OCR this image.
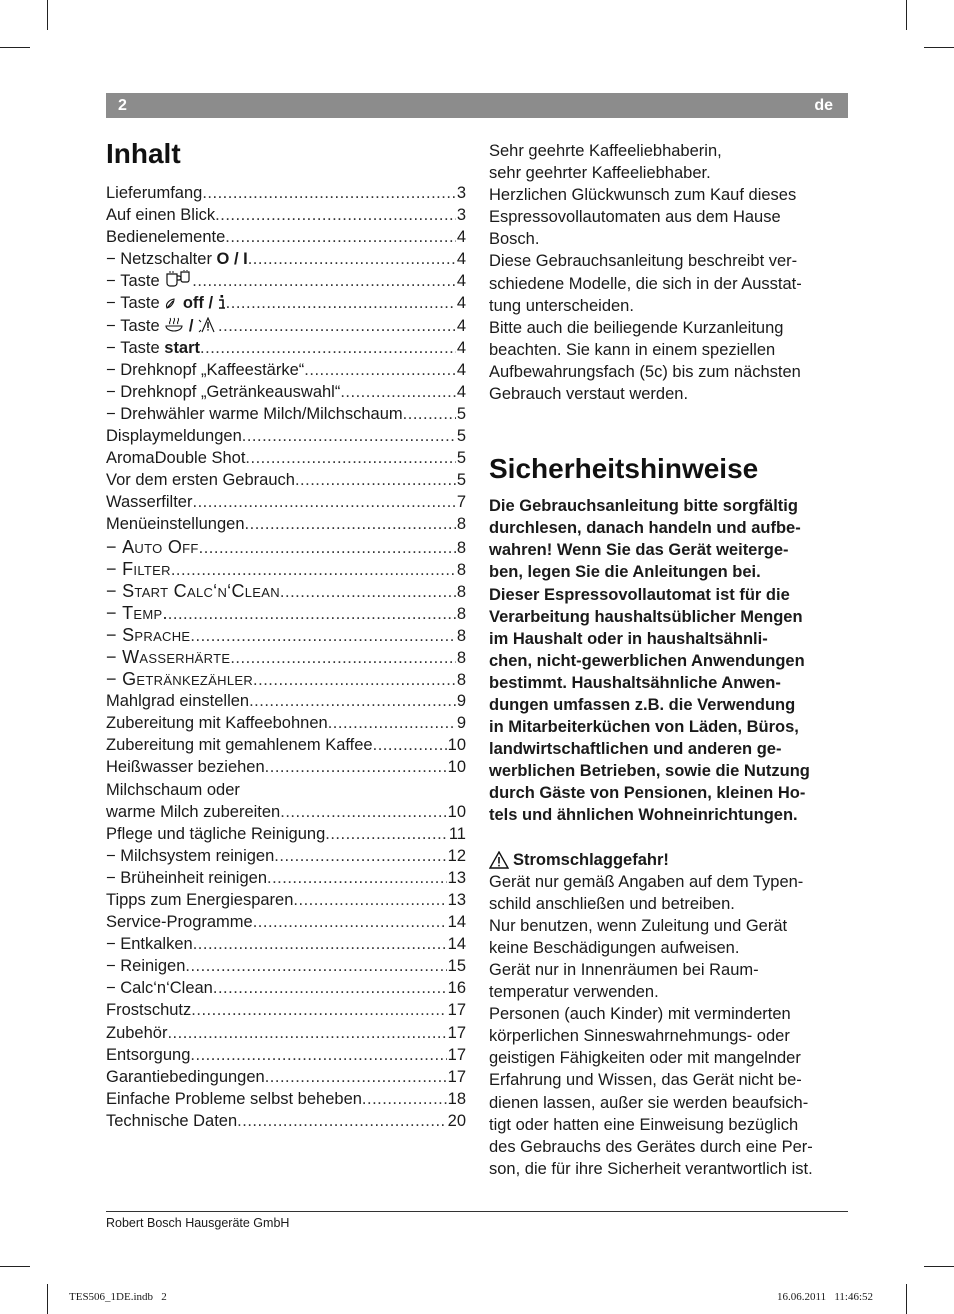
2	de
Inhalt
Lieferumfang .....	3
Auf einen Blick .....	3
Bedienelemente .....	4
− Netzschalter O / I .....	4
− Taste .....	4
− Taste  off / .....	4
− Taste  / .....	4
− Taste start .....	4
− Drehknopf „Kaffeestärke“ .....	4
− Drehknopf „Getränkeauswahl“ .....	4
− Drehwähler warme Milch/Milchschaum .....	5
Displaymeldungen .....	5
AromaDouble Shot .....	5
Vor dem ersten Gebrauch .....	5
Wasserfilter .....	7
Menüeinstellungen .....	8
− Auto Off .....	8
− Filter .....	8
− Start Calc‘n‘Clean .....	8
− Temp. .....	8
− Sprache .....	8
− Wasserhärte .....	8
− Getränkezähler .....	8
Mahlgrad einstellen .....	9
Zubereitung mit Kaffeebohnen .....	9
Zubereitung mit gemahlenem Kaffee .....	10
Heißwasser beziehen .....	10
Milchschaum oder
warme Milch zubereiten .....	10
Pflege und tägliche Reinigung .....	11
− Milchsystem reinigen .....	12
− Brüheinheit reinigen .....	13
Tipps zum Energiesparen .....	13
Service-Programme .....	14
− Entkalken .....	14
− Reinigen .....	15
− Calc‘n‘Clean .....	16
Frostschutz .....	17
Zubehör .....	17
Entsorgung .....	17
Garantiebedingungen .....	17
Einfache Probleme selbst beheben .....	18
Technische Daten .....	20
Sehr geehrte Kaffeeliebhaberin,
sehr geehrter Kaffeeliebhaber.
Herzlichen Glückwunsch zum Kauf dieses
Espressovollautomaten aus dem Hause
Bosch.
Diese Gebrauchsanleitung beschreibt ver-
schiedene Modelle, die sich in der Ausstat-
tung unterscheiden.
Bitte auch die beiliegende Kurzanleitung
beachten. Sie kann in einem speziellen
Aufbewahrungsfach (5c) bis zum nächsten
Gebrauch verstaut werden.
Sicherheitshinweise
Die Gebrauchsanleitung bitte sorgfältig
durchlesen, danach handeln und aufbe-
wahren! Wenn Sie das Gerät weiterge-
ben, legen Sie die Anleitungen bei.
Dieser Espressovollautomat ist für die
Verarbeitung haushaltsüblicher Mengen
im Haushalt oder in haushaltsähnli-
chen, nicht-gewerblichen Anwendungen
bestimmt. Haushaltsähnliche Anwen-
dungen umfassen z.B. die Verwendung
in Mitarbeiterküchen von Läden, Büros,
landwirtschaftlichen und anderen ge-
werblichen Betrieben, sowie die Nutzung
durch Gäste von Pensionen, kleinen Ho-
tels und ähnlichen Wohneinrichtungen.
Stromschlaggefahr!
Gerät nur gemäß Angaben auf dem Typen-
schild anschließen und betreiben.
Nur benutzen, wenn Zuleitung und Gerät
keine Beschädigungen aufweisen.
Gerät nur in Innenräumen bei Raum-
temperatur verwenden.
Personen (auch Kinder) mit verminderten
körperlichen Sinneswahrnehmungs- oder
geistigen Fähigkeiten oder mit mangelnder
Erfahrung und Wissen, das Gerät nicht be-
dienen lassen, außer sie werden beaufsich-
tigt oder hatten eine Einweisung bezüglich
des Gebrauchs des Gerätes durch eine Per-
son, die für ihre Sicherheit verantwortlich ist.
Robert Bosch Hausgeräte GmbH
TES506_1DE.indb   2	16.06.2011   11:46:52
